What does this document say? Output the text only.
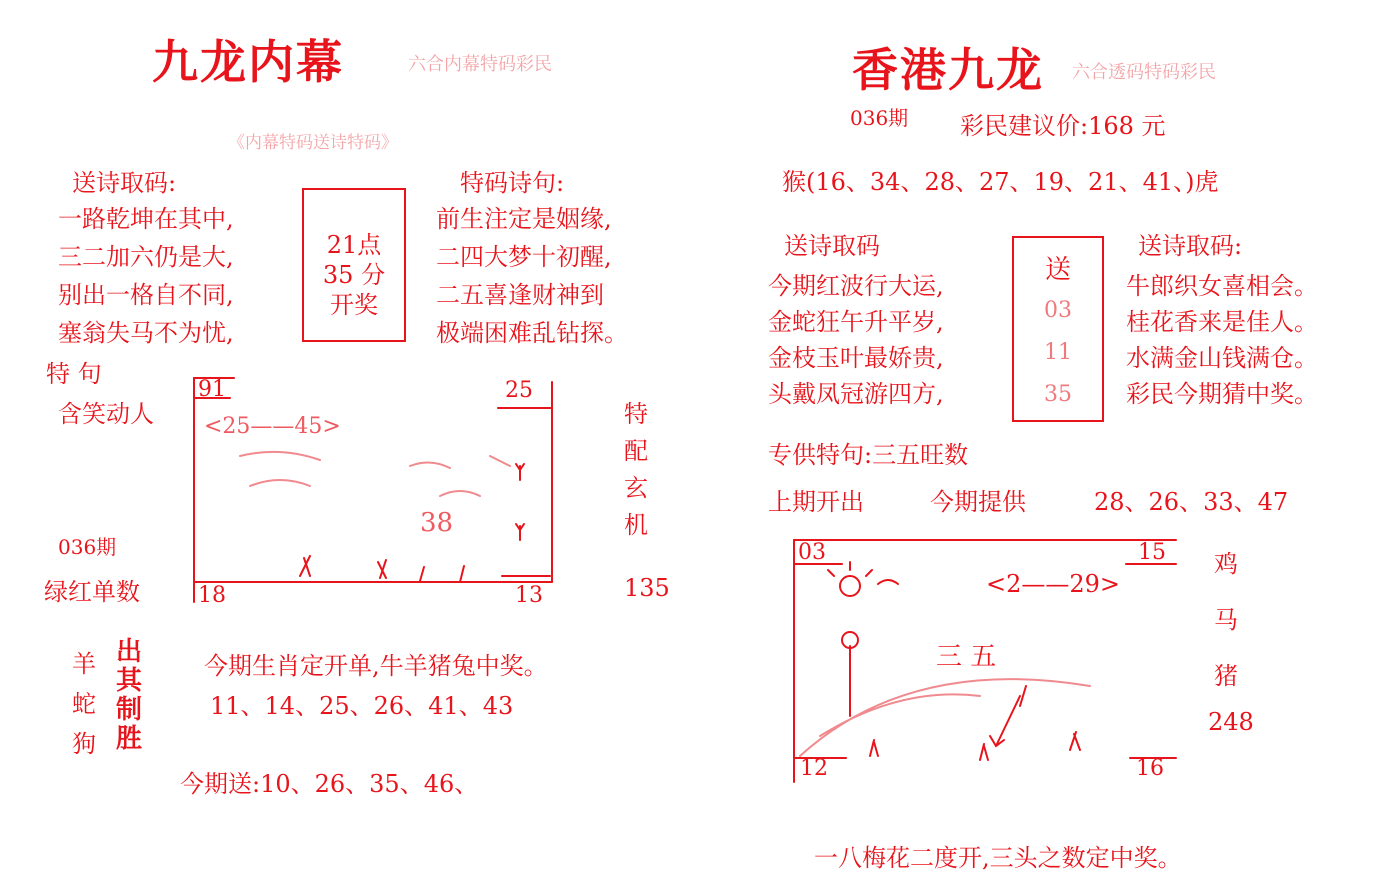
九龙内幕	六合内幕特码彩民
《内幕特码送诗特码》
送诗取码:	特码诗句:
一路乾坤在其中,
三二加六仍是大,
别出一格自不同,
塞翁失马不为忧,
前生注定是姻缘,
二四大梦十初醒,
二五喜逢财神到
极端困难乱钻探。
21点
35 分
开奖
特 句
含笑动人
036期
绿红单数
91	25
18	13
<25——45>
38
特
配
玄
机
135
羊
蛇
狗
出
其
制
胜
今期生肖定开单,牛羊猪兔中奖。
11、14、25、26、41、43
今期送:10、26、35、46、
香港九龙 六合透码特码彩民
036期 彩民建议价:168 元
猴(16、34、28、27、19、21、41、)虎
送诗取码	送诗取码:
今期红波行大运,
金蛇狂午升平岁,
金枝玉叶最娇贵,
头戴凤冠游四方,
牛郎织女喜相会。
桂花香来是佳人。
水满金山钱满仓。
彩民今期猜中奖。
送
03
11
35
专供特句:三五旺数
上期开出	今期提供	28、26、33、47
03	15
12	16
<2——29>
三 五
鸡
马
猪
248
一八梅花二度开,三头之数定中奖。
